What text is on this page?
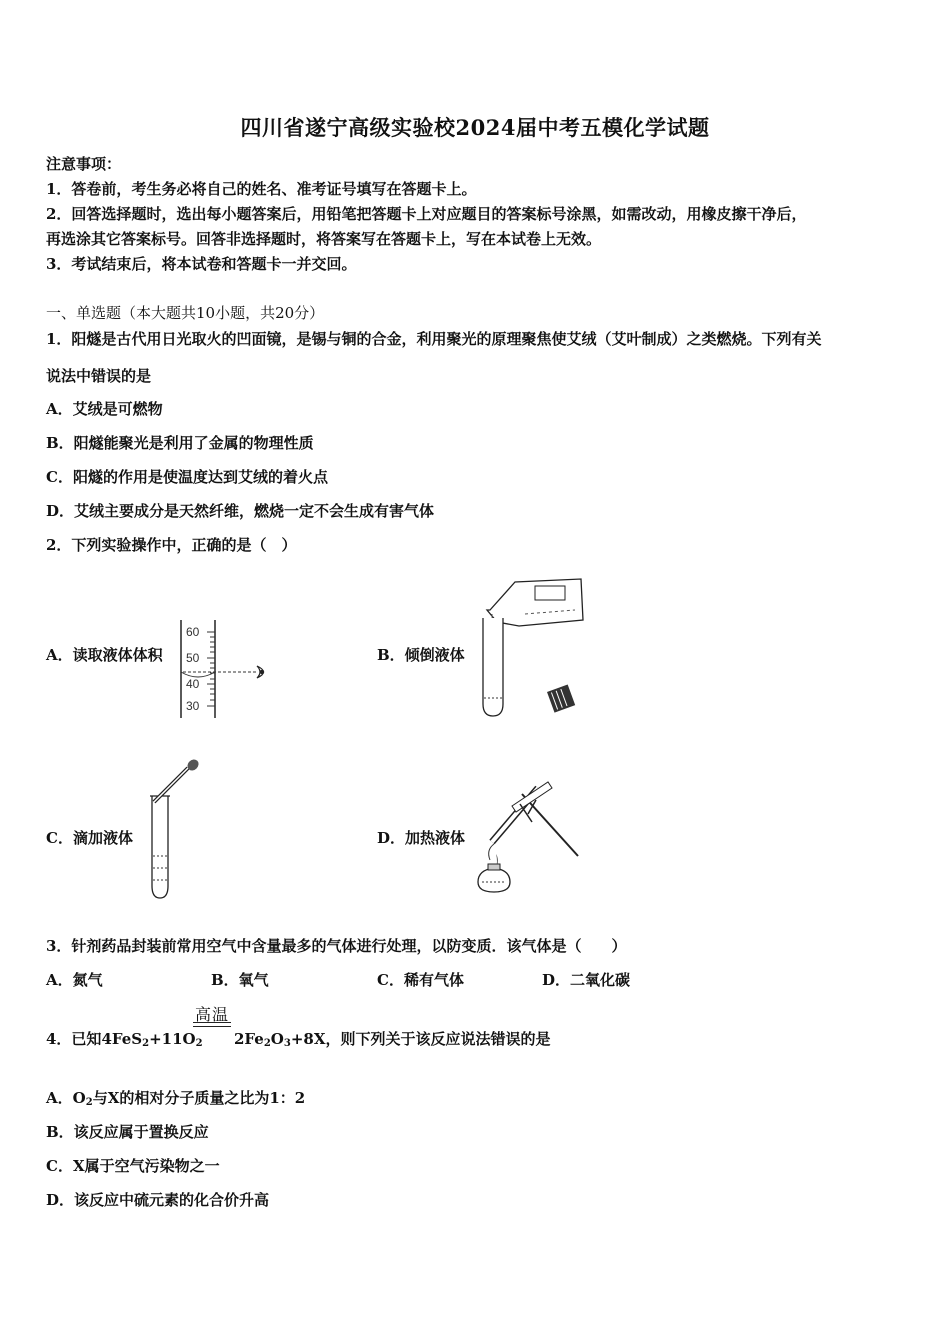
四川省遂宁高级实验校2024届中考五模化学试题
注意事项：
1．答卷前，考生务必将自己的姓名、准考证号填写在答题卡上。
2．回答选择题时，选出每小题答案后，用铅笔把答题卡上对应题目的答案标号涂黑，如需改动，用橡皮擦干净后，
再选涂其它答案标号。回答非选择题时，将答案写在答题卡上，写在本试卷上无效。
3．考试结束后，将本试卷和答题卡一并交回。
一、单选题（本大题共10小题，共20分）
1．阳燧是古代用日光取火的凹面镜，是锡与铜的合金，利用聚光的原理聚焦使艾绒（艾叶制成）之类燃烧。下列有关
说法中错误的是
A．艾绒是可燃物
B．阳燧能聚光是利用了金属的物理性质
C．阳燧的作用是使温度达到艾绒的着火点
D．艾绒主要成分是天然纤维，燃烧一定不会生成有害气体
2．下列实验操作中，正确的是（　）
A．读取液体体积
60
50
40
30
B．倾倒液体
C．滴加液体	D．加热液体
3．针剂药品封装前常用空气中含量最多的气体进行处理，以防变质．该气体是（　　）
A．氮气	B．氧气	C．稀有气体	D．二氧化碳
高温
4．已知$4FeS_2+11O_2$ $2Fe_2O_3+8X$，则下列关于该反应说法错误的是
A．$O_2$与X的相对分子质量之比为1：2
B．该反应属于置换反应
C．X属于空气污染物之一
D．该反应中硫元素的化合价升高
